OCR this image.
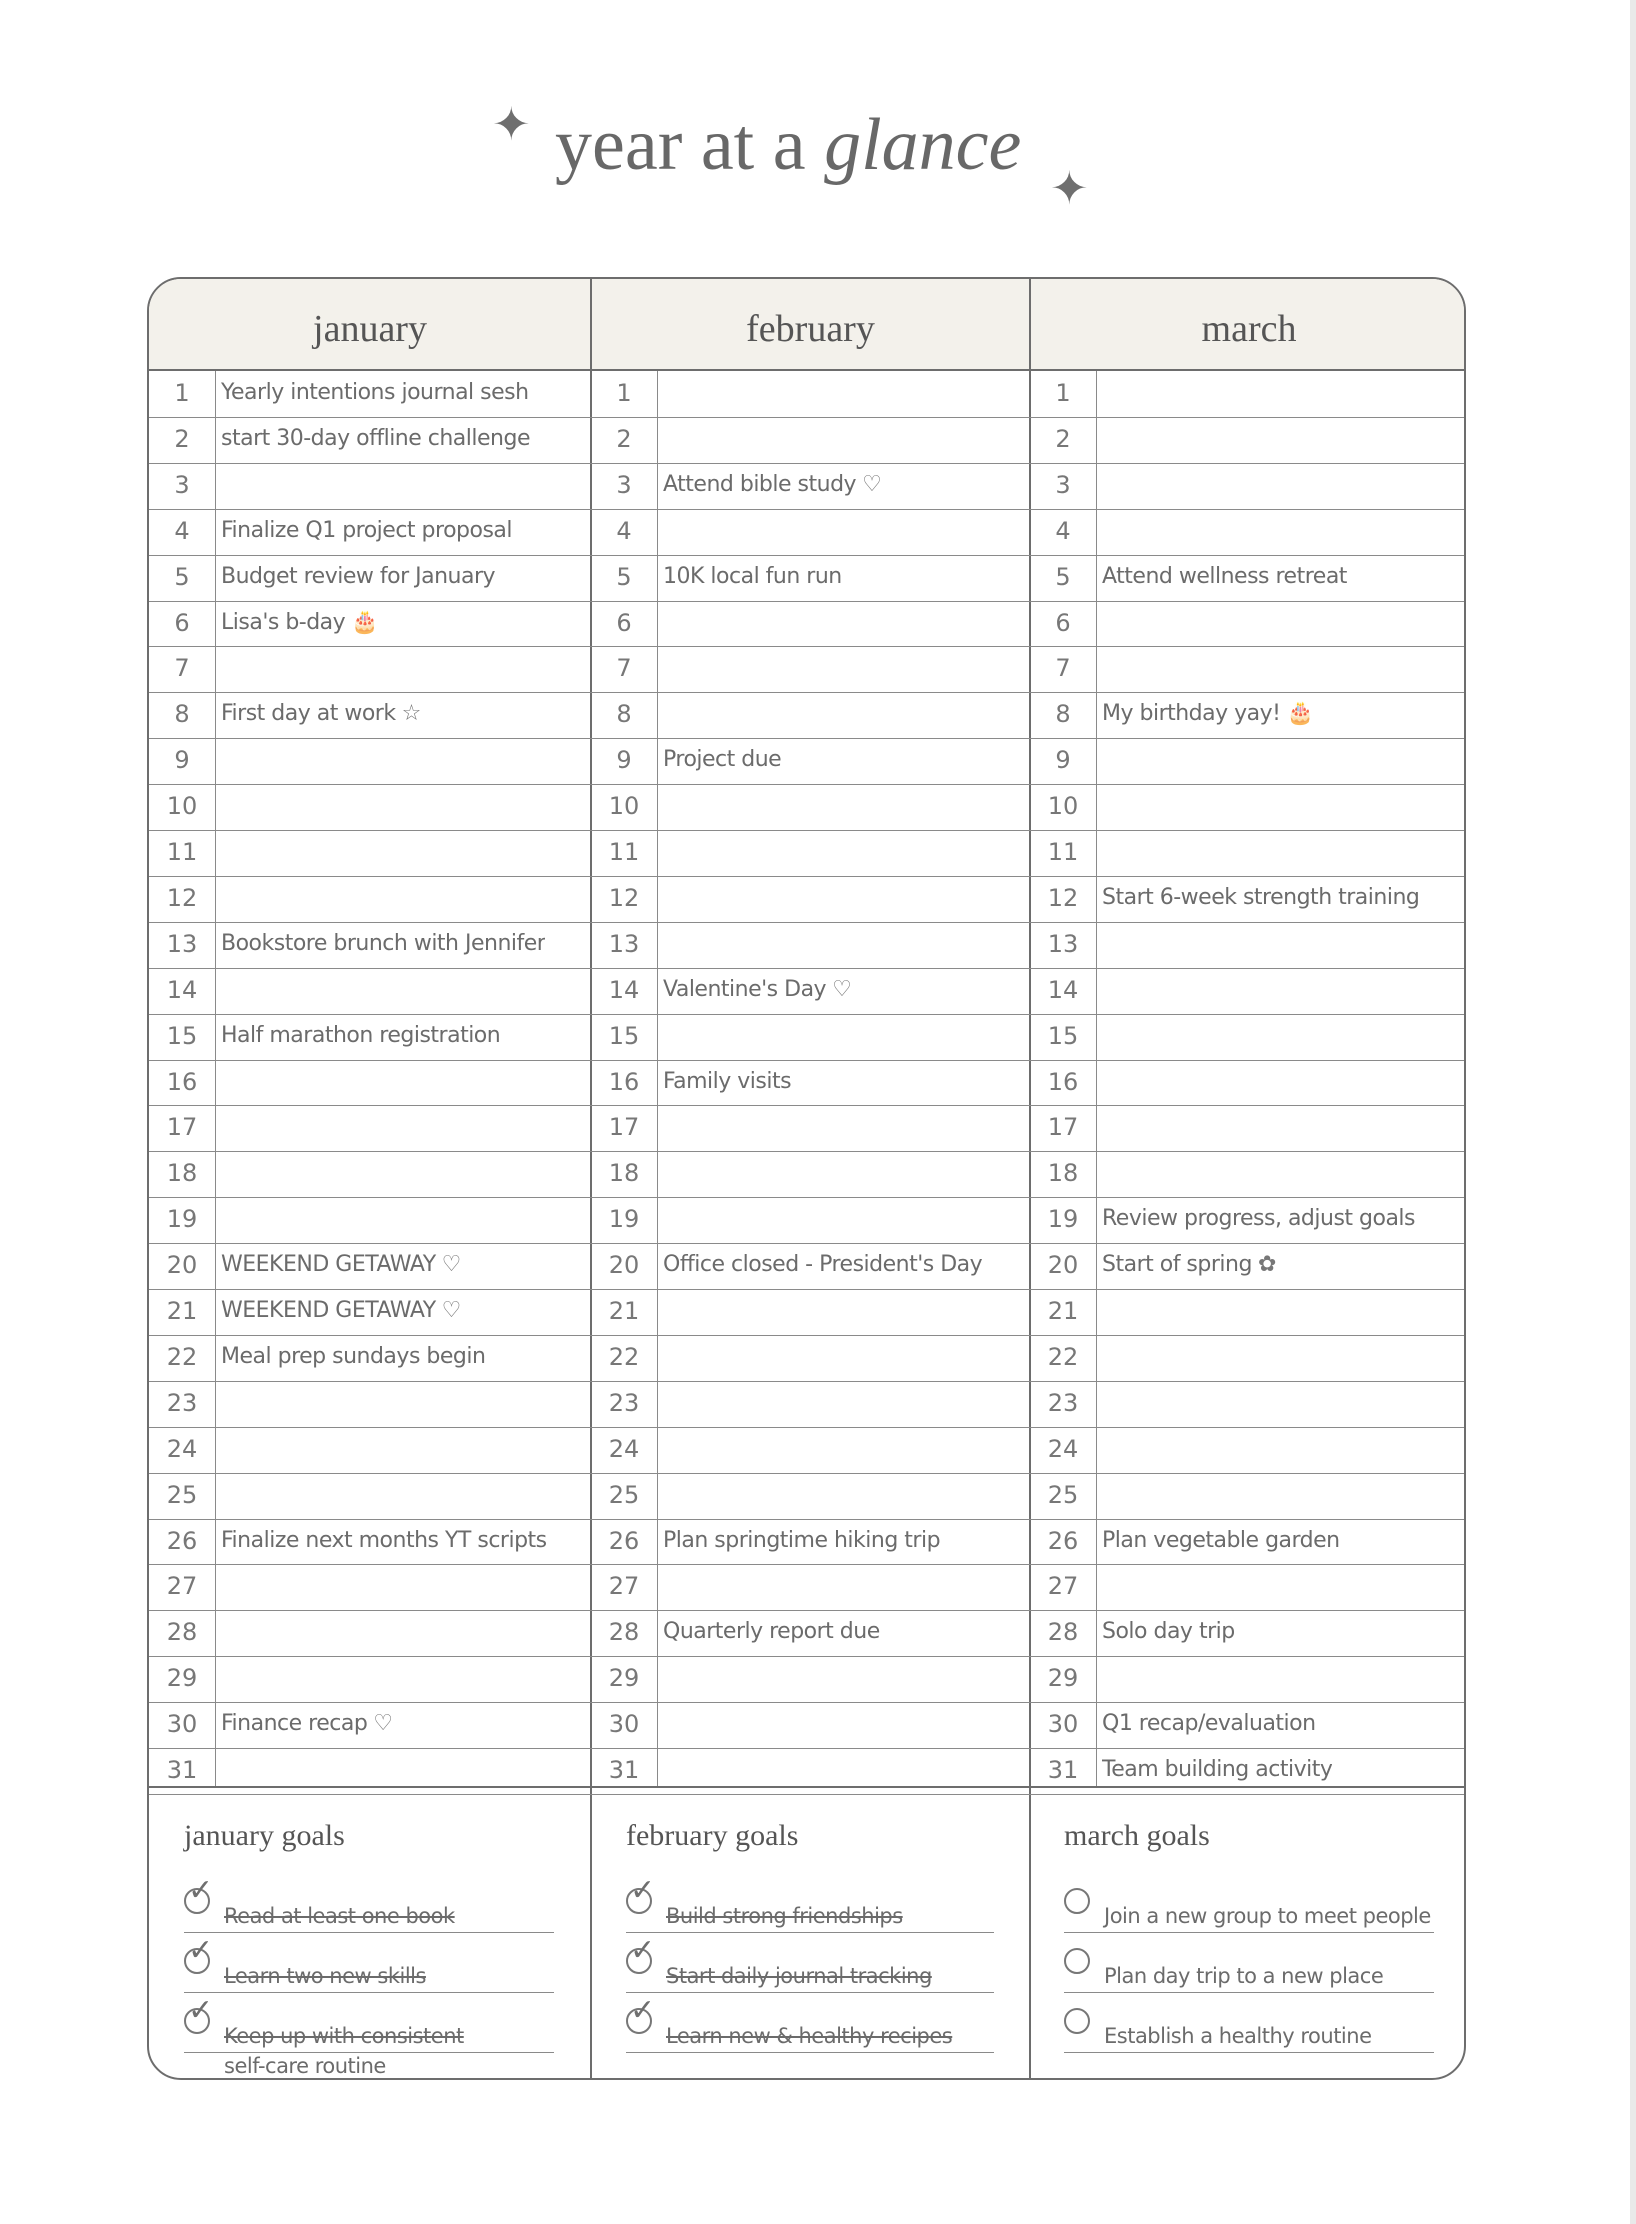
✦ year at a glance
✦
january	february	march
january goals	february goals	march goals
1	Yearly intentions journal sesh
2	start 30-day offline challenge
3
4	Finalize Q1 project proposal
5	Budget review for January
6	Lisa's b-day 🎂
7
8	First day at work ☆
9
10
11
12
13	Bookstore brunch with Jennifer
14
15	Half marathon registration
16
17
18
19
20	WEEKEND GETAWAY ♡
21	WEEKEND GETAWAY ♡
22	Meal prep sundays begin
23
24
25
26	Finalize next months YT scripts
27
28
29
30	Finance recap ♡
31
✓
Read at least one book
✓
Learn two new skills
✓
Keep up with consistent
self-care routine
1
2
3	Attend bible study ♡
4
5	10K local fun run
6
7
8
9	Project due
10
11
12
13
14	Valentine's Day ♡
15
16	Family visits
17
18
19
20	Office closed - President's Day
21
22
23
24
25
26	Plan springtime hiking trip
27
28	Quarterly report due
29
30
31
✓
Build strong friendships
✓
Start daily journal tracking
✓
Learn new & healthy recipes
1
2
3
4
5	Attend wellness retreat
6
7
8	My birthday yay! 🎂
9
10
11
12	Start 6-week strength training
13
14
15
16
17
18
19	Review progress, adjust goals
20	Start of spring ✿
21
22
23
24
25
26	Plan vegetable garden
27
28	Solo day trip
29
30	Q1 recap/evaluation
31	Team building activity
Join a new group to meet people
Plan day trip to a new place
Establish a healthy routine
